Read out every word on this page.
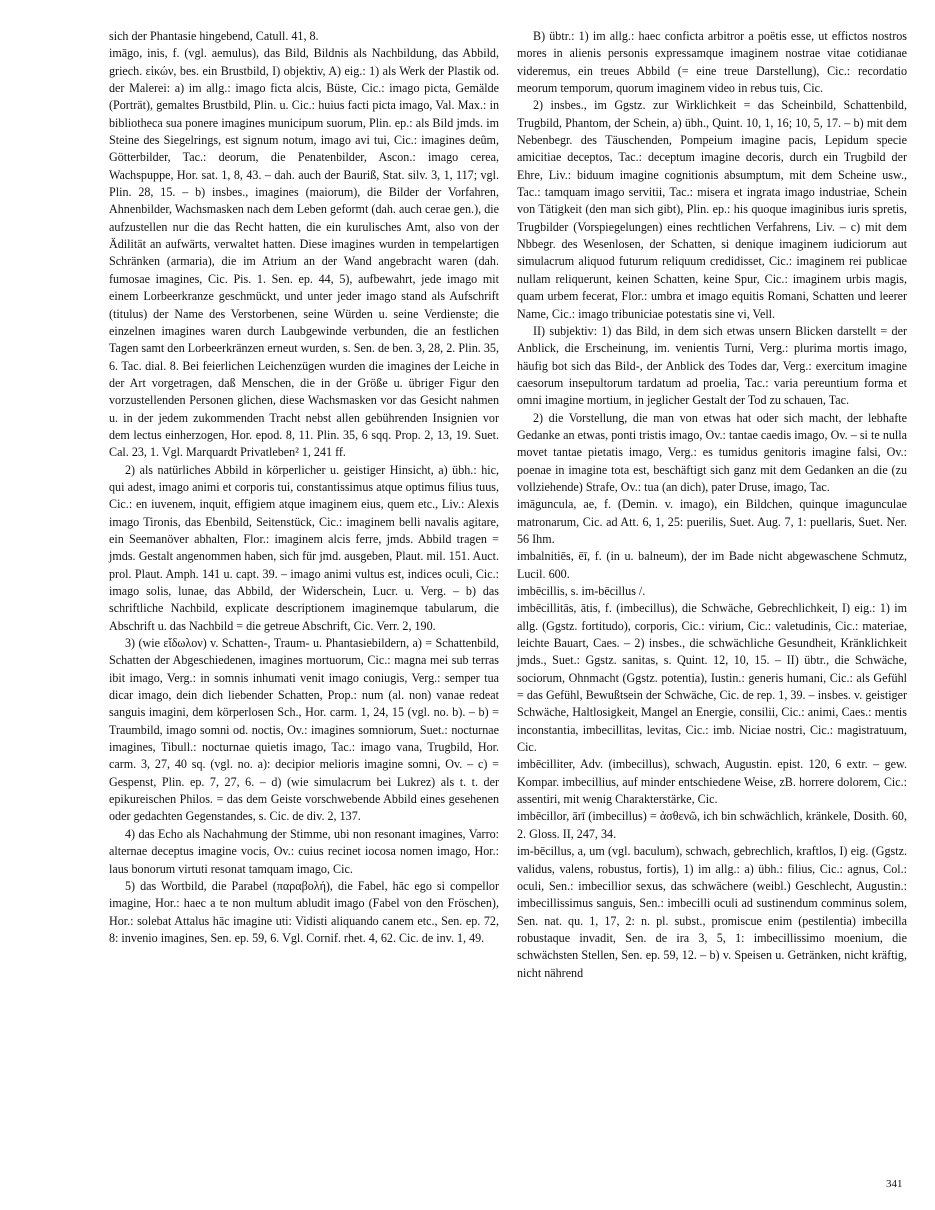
sich der Phantasie hingebend, Catull. 41, 8.

imāgo, inis, f. (vgl. aemulus), das Bild, Bildnis als Nachbildung, das Abbild, griech. εἰκών, bes. ein Brustbild, I) objektiv, A) eig.: 1) als Werk der Plastik od. der Malerei: a) im allg.: imago ficta alcis, Büste, Cic.: imago picta, Gemälde (Porträt), gemaltes Brustbild, Plin. u. Cic.: huius facti picta imago, Val. Max.: in bibliotheca sua ponere imagines municipum suorum, Plin. ep.: als Bild jmds. im Steine des Siegelrings, est signum notum, imago avi tui, Cic.: imagines deûm, Götterbilder, Tac.: deorum, die Penatenbilder, Ascon.: imago cerea, Wachspuppe, Hor. sat. 1, 8, 43. – dah. auch der Bauriß, Stat. silv. 3, 1, 117; vgl. Plin. 28, 15. – b) insbes., imagines (maiorum), die Bilder der Vorfahren, Ahnenbilder, Wachsmasken nach dem Leben geformt (dah. auch cerae gen.), die aufzustellen nur die das Recht hatten, die ein kurulisches Amt, also von der Ädilität an aufwärts, verwaltet hatten. Diese imagines wurden in tempelartigen Schränken (armaria), die im Atrium an der Wand angebracht waren (dah. fumosae imagines, Cic. Pis. 1. Sen. ep. 44, 5), aufbewahrt, jede imago mit einem Lorbeerkranze geschmückt, und unter jeder imago stand als Aufschrift (titulus) der Name des Verstorbenen, seine Würden u. seine Verdienste; die einzelnen imagines waren durch Laubgewinde verbunden, die an festlichen Tagen samt den Lorbeerkränzen erneut wurden, s. Sen. de ben. 3, 28, 2. Plin. 35, 6. Tac. dial. 8. Bei feierlichen Leichenzügen wurden die imagines der Leiche in der Art vorgetragen, daß Menschen, die in der Größe u. übriger Figur den vorzustellenden Personen glichen, diese Wachsmasken vor das Gesicht nahmen u. in der jedem zukommenden Tracht nebst allen gebührenden Insignien vor dem lectus einherzogen, Hor. epod. 8, 11. Plin. 35, 6 sqq. Prop. 2, 13, 19. Suet. Cal. 23, 1. Vgl. Marquardt Privatleben² 1, 241 ff.

2) als natürliches Abbild in körperlicher u. geistiger Hinsicht, a) übh.: hic, qui adest, imago animi et corporis tui, constantissimus atque optimus filius tuus, Cic.: en iuvenem, inquit, effigiem atque imaginem eius, quem etc., Liv.: Alexis imago Tironis, das Ebenbild, Seitenstück, Cic.: imaginem belli navalis agitare, ein Seemanöver abhalten, Flor.: imaginem alcis ferre, jmds. Abbild tragen = jmds. Gestalt angenommen haben, sich für jmd. ausgeben, Plaut. mil. 151. Auct. prol. Plaut. Amph. 141 u. capt. 39. – imago animi vultus est, indices oculi, Cic.: imago solis, lunae, das Abbild, der Widerschein, Lucr. u. Verg. – b) das schriftliche Nachbild, explicate descriptionem imaginemque tabularum, die Abschrift u. das Nachbild = die getreue Abschrift, Cic. Verr. 2, 190.

3) (wie εἴδωλον) v. Schatten-, Traum- u. Phantasiebildern, a) = Schattenbild, Schatten der Abgeschiedenen, imagines mortuorum, Cic.: magna mei sub terras ibit imago, Verg.: in somnis inhumati venit imago coniugis, Verg.: semper tua dicar imago, dein dich liebender Schatten, Prop.: num (al. non) vanae redeat sanguis imagini, dem körperlosen Sch., Hor. carm. 1, 24, 15 (vgl. no. b). – b) = Traumbild, imago somni od. noctis, Ov.: imagines somniorum, Suet.: nocturnae imagines, Tibull.: nocturnae quietis imago, Tac.: imago vana, Trugbild, Hor. carm. 3, 27, 40 sq. (vgl. no. a): decipior melioris imagine somni, Ov. – c) = Gespenst, Plin. ep. 7, 27, 6. – d) (wie simulacrum bei Lukrez) als t. t. der epikureischen Philos. = das dem Geiste vorschwebende Abbild eines gesehenen oder gedachten Gegenstandes, s. Cic. de div. 2, 137.

4) das Echo als Nachahmung der Stimme, ubi non resonant imagines, Varro: alternae deceptus imagine vocis, Ov.: cuius recinet iocosa nomen imago, Hor.: laus bonorum virtuti resonat tamquam imago, Cic.

5) das Wortbild, die Parabel (παραβολή), die Fabel, hāc ego si compellor imagine, Hor.: haec a te non multum abludit imago (Fabel von den Fröschen), Hor.: solebat Attalus hāc imagine uti: Vidisti aliquando canem etc., Sen. ep. 72, 8: invenio imagines, Sen. ep. 59, 6. Vgl. Cornif. rhet. 4, 62. Cic. de inv. 1, 49.

B) übtr.: 1) im allg.: haec conficta arbitror a poëtis esse, ut effictos nostros mores in alienis personis expressamque imaginem nostrae vitae cotidianae videremus, ein treues Abbild (= eine treue Darstellung), Cic.: recordatio meorum temporum, quorum imaginem video in rebus tuis, Cic.

2) insbes., im Ggstz. zur Wirklichkeit = das Scheinbild, Schattenbild, Trugbild, Phantom, der Schein, a) übh., Quint. 10, 1, 16; 10, 5, 17. – b) mit dem Nebenbegr. des Täuschenden, Pompeium imagine pacis, Lepidum specie amicitiae deceptos, Tac.: deceptum imagine decoris, durch ein Trugbild der Ehre, Liv.: biduum imagine cognitionis absumptum, mit dem Scheine usw., Tac.: tamquam imago servitii, Tac.: misera et ingrata imago industriae, Schein von Tätigkeit (den man sich gibt), Plin. ep.: his quoque imaginibus iuris spretis, Trugbilder (Vorspiegelungen) eines rechtlichen Verfahrens, Liv. – c) mit dem Nbbegr. des Wesenlosen, der Schatten, si denique imaginem iudiciorum aut simulacrum aliquod futurum reliquum credidisset, Cic.: imaginem rei publicae nullam reliquerunt, keinen Schatten, keine Spur, Cic.: imaginem urbis magis, quam urbem fecerat, Flor.: umbra et imago equitis Romani, Schatten und leerer Name, Cic.: imago tribuniciae potestatis sine vi, Vell.

II) subjektiv: 1) das Bild, in dem sich etwas unsern Blicken darstellt = der Anblick, die Erscheinung, im. venientis Turni, Verg.: plurima mortis imago, häufig bot sich das Bild-, der Anblick des Todes dar, Verg.: exercitum imagine caesorum insepultorum tardatum ad proelia, Tac.: varia pereuntium forma et omni imagine mortium, in jeglicher Gestalt der Tod zu schauen, Tac.

2) die Vorstellung, die man von etwas hat oder sich macht, der lebhafte Gedanke an etwas, ponti tristis imago, Ov.: tantae caedis imago, Ov. – si te nulla movet tantae pietatis imago, Verg.: es tumidus genitoris imagine falsi, Ov.: poenae in imagine tota est, beschäftigt sich ganz mit dem Gedanken an die (zu vollziehende) Strafe, Ov.: tua (an dich), pater Druse, imago, Tac.

imāguncula, ae, f. (Demin. v. imago), ein Bildchen, quinque imagunculae matronarum, Cic. ad Att. 6, 1, 25: puerilis, Suet. Aug. 7, 1: puellaris, Suet. Ner. 56 Ihm.

imbalnitiēs, ēī, f. (in u. balneum), der im Bade nicht abgewaschene Schmutz, Lucil. 600.

imbēcillis, s. im-bēcillus /.

imbēcillitās, ātis, f. (imbecillus), die Schwäche, Gebrechlichkeit, I) eig.: 1) im allg. (Ggstz. fortitudo), corporis, Cic.: virium, Cic.: valetudinis, Cic.: materiae, leichte Bauart, Caes. – 2) insbes., die schwächliche Gesundheit, Kränklichkeit jmds., Suet.: Ggstz. sanitas, s. Quint. 12, 10, 15. – II) übtr., die Schwäche, sociorum, Ohnmacht (Ggstz. potentia), Iustin.: generis humani, Cic.: als Gefühl = das Gefühl, Bewußtsein der Schwäche, Cic. de rep. 1, 39. – insbes. v. geistiger Schwäche, Haltlosigkeit, Mangel an Energie, consilii, Cic.: animi, Caes.: mentis inconstantia, imbecillitas, levitas, Cic.: imb. Niciae nostri, Cic.: magistratuum, Cic.

imbēcilliter, Adv. (imbecillus), schwach, Augustin. epist. 120, 6 extr. – gew. Kompar. imbecillius, auf minder entschiedene Weise, zB. horrere dolorem, Cic.: assentiri, mit wenig Charakterstärke, Cic.

imbēcillor, ārī (imbecillus) = ἀσθενῶ, ich bin schwächlich, kränkele, Dosith. 60, 2. Gloss. II, 247, 34.

im-bēcillus, a, um (vgl. baculum), schwach, gebrechlich, kraftlos, I) eig. (Ggstz. validus, valens, robustus, fortis), 1) im allg.: a) übh.: filius, Cic.: agnus, Col.: oculi, Sen.: imbecillior sexus, das schwächere (weibl.) Geschlecht, Augustin.: imbecillissimus sanguis, Sen.: imbecilli oculi ad sustinendum comminus solem, Sen. nat. qu. 1, 17, 2: n. pl. subst., promiscue enim (pestilentia) imbecilla robustaque invadit, Sen. de ira 3, 5, 1: imbecillissimo moenium, die schwächsten Stellen, Sen. ep. 59, 12. – b) v. Speisen u. Getränken, nicht kräftig, nicht nährend

341
